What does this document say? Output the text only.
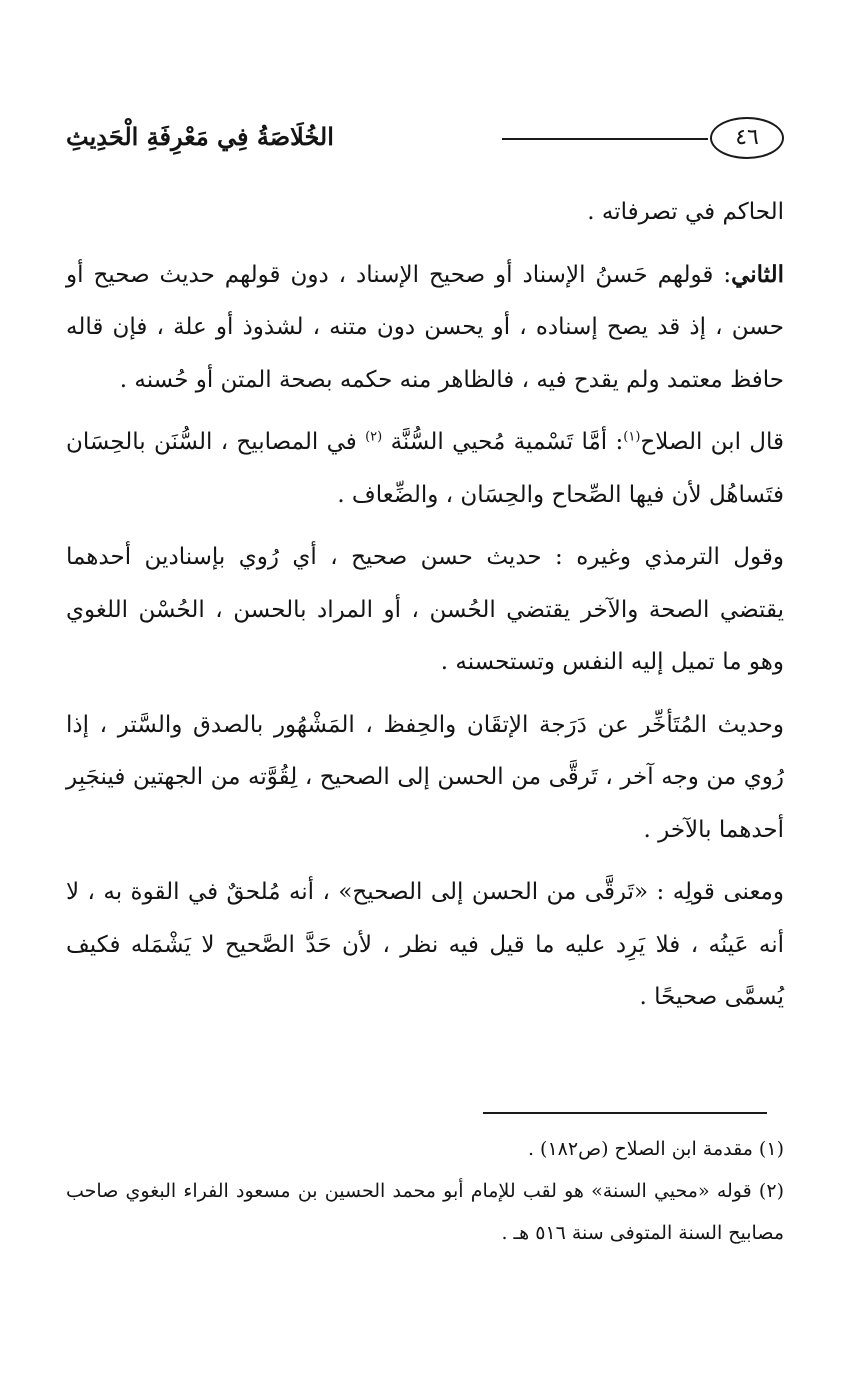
٤٦
الخُلَاصَةُ فِي مَعْرِفَةِ الْحَدِيثِ

الحاكم في تصرفاته .

الثاني: قولهم حَسنُ الإسناد أو صحيح الإسناد ، دون قولهم حديث صحيح أو حسن ، إذ قد يصح إسناده ، أو يحسن دون متنه ، لشذوذ أو علة ، فإن قاله حافظ معتمد ولم يقدح فيه ، فالظاهر منه حكمه بصحة المتن أو حُسنه .

قال ابن الصلاح$^{(١)}$: أمَّا تَسْمية مُحيي السُّنَّة $^{(٢)}$ في المصابيح ، السُّنَن بالحِسَان فتَساهُل لأن فيها الصِّحاح والحِسَان ، والضِّعاف .

وقول الترمذي وغيره : حديث حسن صحيح ، أي رُوي بإسنادين أحدهما يقتضي الصحة والآخر يقتضي الحُسن ، أو المراد بالحسن ، الحُسْن اللغوي وهو ما تميل إليه النفس وتستحسنه .

وحديث المُتَأخِّر عن دَرَجة الإتقَان والحِفظ ، المَشْهُور بالصدق والسَّتر ، إذا رُوي من وجه آخر ، تَرقَّى من الحسن إلى الصحيح ، لِقُوَّته من الجهتين فينجَبِر أحدهما بالآخر .

ومعنى قولِه : «تَرقَّى من الحسن إلى الصحيح» ، أنه مُلحقٌ في القوة به ، لا أنه عَينُه ، فلا يَرِد عليه ما قيل فيه نظر ، لأن حَدَّ الصَّحيح لا يَشْمَله فكيف يُسمَّى صحيحًا .

(١) مقدمة ابن الصلاح (ص١٨٢) .

(٢) قوله «محيي السنة» هو لقب للإمام أبو محمد الحسين بن مسعود الفراء البغوي صاحب مصابيح السنة المتوفى سنة ٥١٦ هـ .
